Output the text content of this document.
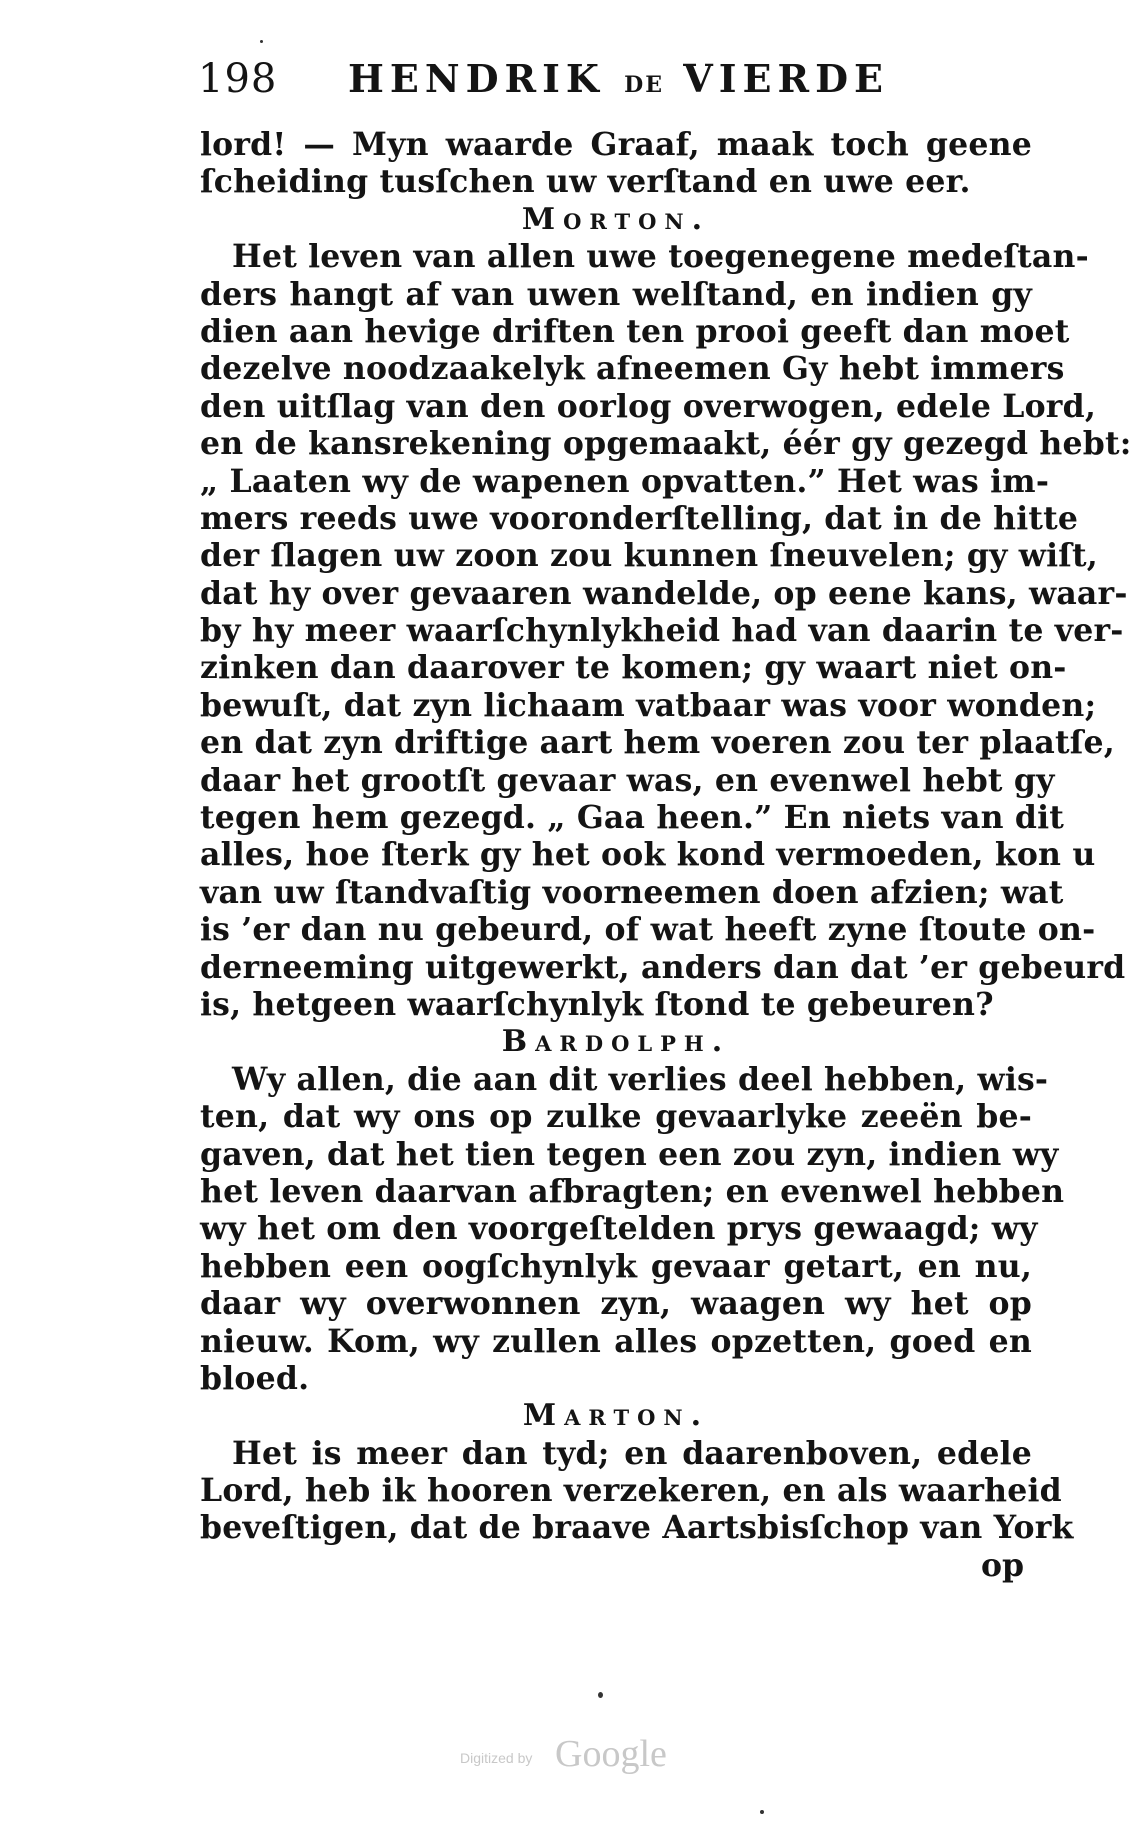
198 HENDRIK DE VIERDE
lord! — Myn waarde Graaf, maak toch geene
ſcheiding tusſchen uw verſtand en uwe eer.
Morton.
Het leven van allen uwe toegenegene medeſtan-
ders hangt af van uwen welſtand, en indien gy
dien aan hevige driften ten prooi geeft dan moet
dezelve noodzaakelyk afneemen Gy hebt immers
den uitſlag van den oorlog overwogen, edele Lord,
en de kansrekening opgemaakt, éér gy gezegd hebt:
„ Laaten wy de wapenen opvatten.” Het was im-
mers reeds uwe vooronderſtelling, dat in de hitte
der ſlagen uw zoon zou kunnen ſneuvelen; gy wiſt,
dat hy over gevaaren wandelde, op eene kans, waar-
by hy meer waarſchynlykheid had van daarin te ver-
zinken dan daarover te komen; gy waart niet on-
bewuſt, dat zyn lichaam vatbaar was voor wonden;
en dat zyn driftige aart hem voeren zou ter plaatſe,
daar het grootſt gevaar was, en evenwel hebt gy
tegen hem gezegd. „ Gaa heen.” En niets van dit
alles, hoe ſterk gy het ook kond vermoeden, kon u
van uw ſtandvaſtig voorneemen doen afzien; wat
is ’er dan nu gebeurd, of wat heeft zyne ſtoute on-
derneeming uitgewerkt, anders dan dat ’er gebeurd
is, hetgeen waarſchynlyk ſtond te gebeuren?
Bardolph.
Wy allen, die aan dit verlies deel hebben, wis-
ten, dat wy ons op zulke gevaarlyke zeeën be-
gaven, dat het tien tegen een zou zyn, indien wy
het leven daarvan afbragten; en evenwel hebben
wy het om den voorgeſtelden prys gewaagd; wy
hebben een oogſchynlyk gevaar getart, en nu,
daar wy overwonnen zyn, waagen wy het op
nieuw. Kom, wy zullen alles opzetten, goed en
bloed.
Marton.
Het is meer dan tyd; en daarenboven, edele
Lord, heb ik hooren verzekeren, en als waarheid
beveſtigen, dat de braave Aartsbisſchop van York
op
Digitized by Google
